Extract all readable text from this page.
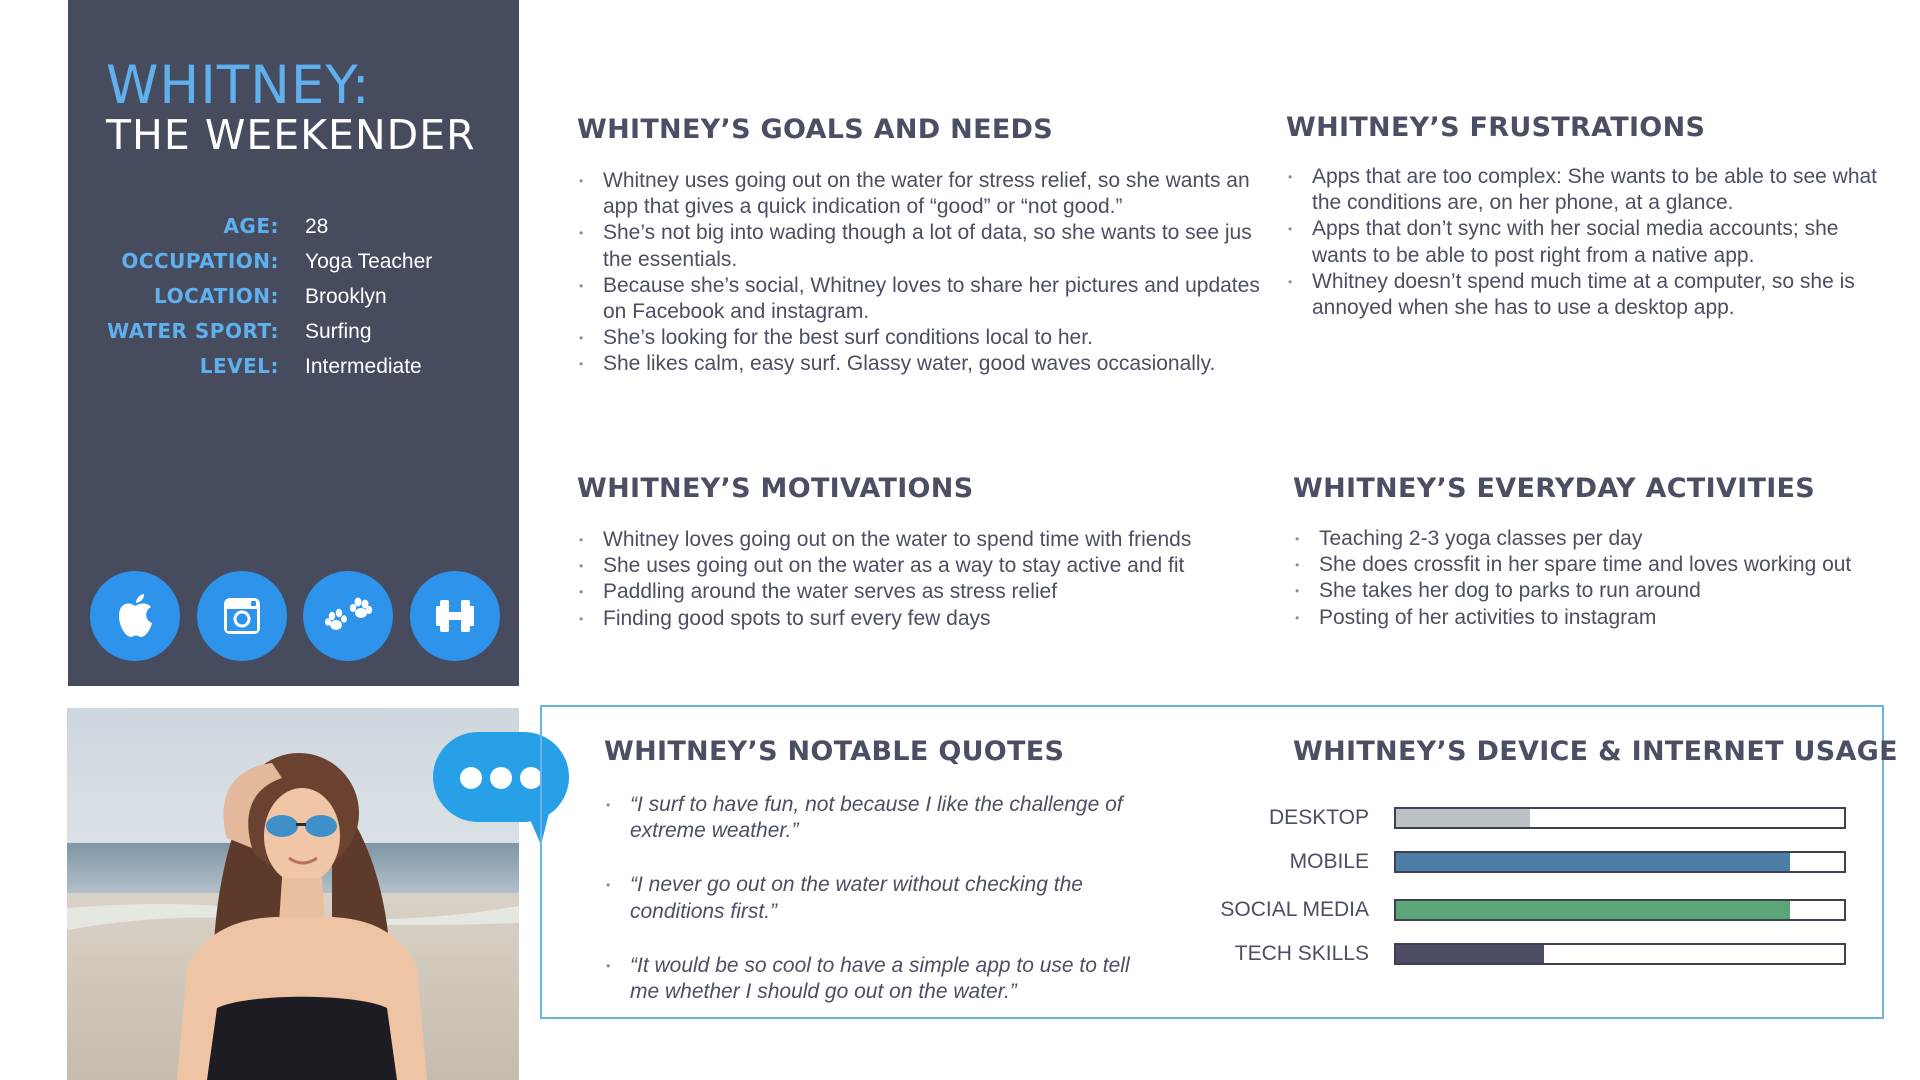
WHITNEY:
THE WEEKENDER
AGE: 28
OCCUPATION: Yoga Teacher
LOCATION: Brooklyn
WATER SPORT: Surfing
LEVEL: Intermediate
WHITNEY’S GOALS AND NEEDS
• Whitney uses going out on the water for stress relief, so she wants an app that gives a quick indication of “good” or “not good.”
• She’s not big into wading though a lot of data, so she wants to see jus the essentials.
• Because she’s social, Whitney loves to share her pictures and updates on Facebook and instagram.
• She’s looking for the best surf conditions local to her.
• She likes calm, easy surf. Glassy water, good waves occasionally.
WHITNEY’S FRUSTRATIONS
• Apps that are too complex: She wants to be able to see what the conditions are, on her phone, at a glance.
• Apps that don’t sync with her social media accounts; she wants to be able to post right from a native app.
• Whitney doesn’t spend much time at a computer, so she is annoyed when she has to use a desktop app.
WHITNEY’S MOTIVATIONS
• Whitney loves going out on the water to spend time with friends
• She uses going out on the water as a way to stay active and fit
• Paddling around the water serves as stress relief
• Finding good spots to surf every few days
WHITNEY’S EVERYDAY ACTIVITIES
• Teaching 2-3 yoga classes per day
• She does crossfit in her spare time and loves working out
• She takes her dog to parks to run around
• Posting of her activities to instagram
WHITNEY’S NOTABLE QUOTES
• “I surf to have fun, not because I like the challenge of extreme weather.”
• “I never go out on the water without checking the conditions first.”
• “It would be so cool to have a simple app to use to tell me whether I should go out on the water.”
WHITNEY’S DEVICE & INTERNET USAGE
DESKTOP
MOBILE
SOCIAL MEDIA
TECH SKILLS
